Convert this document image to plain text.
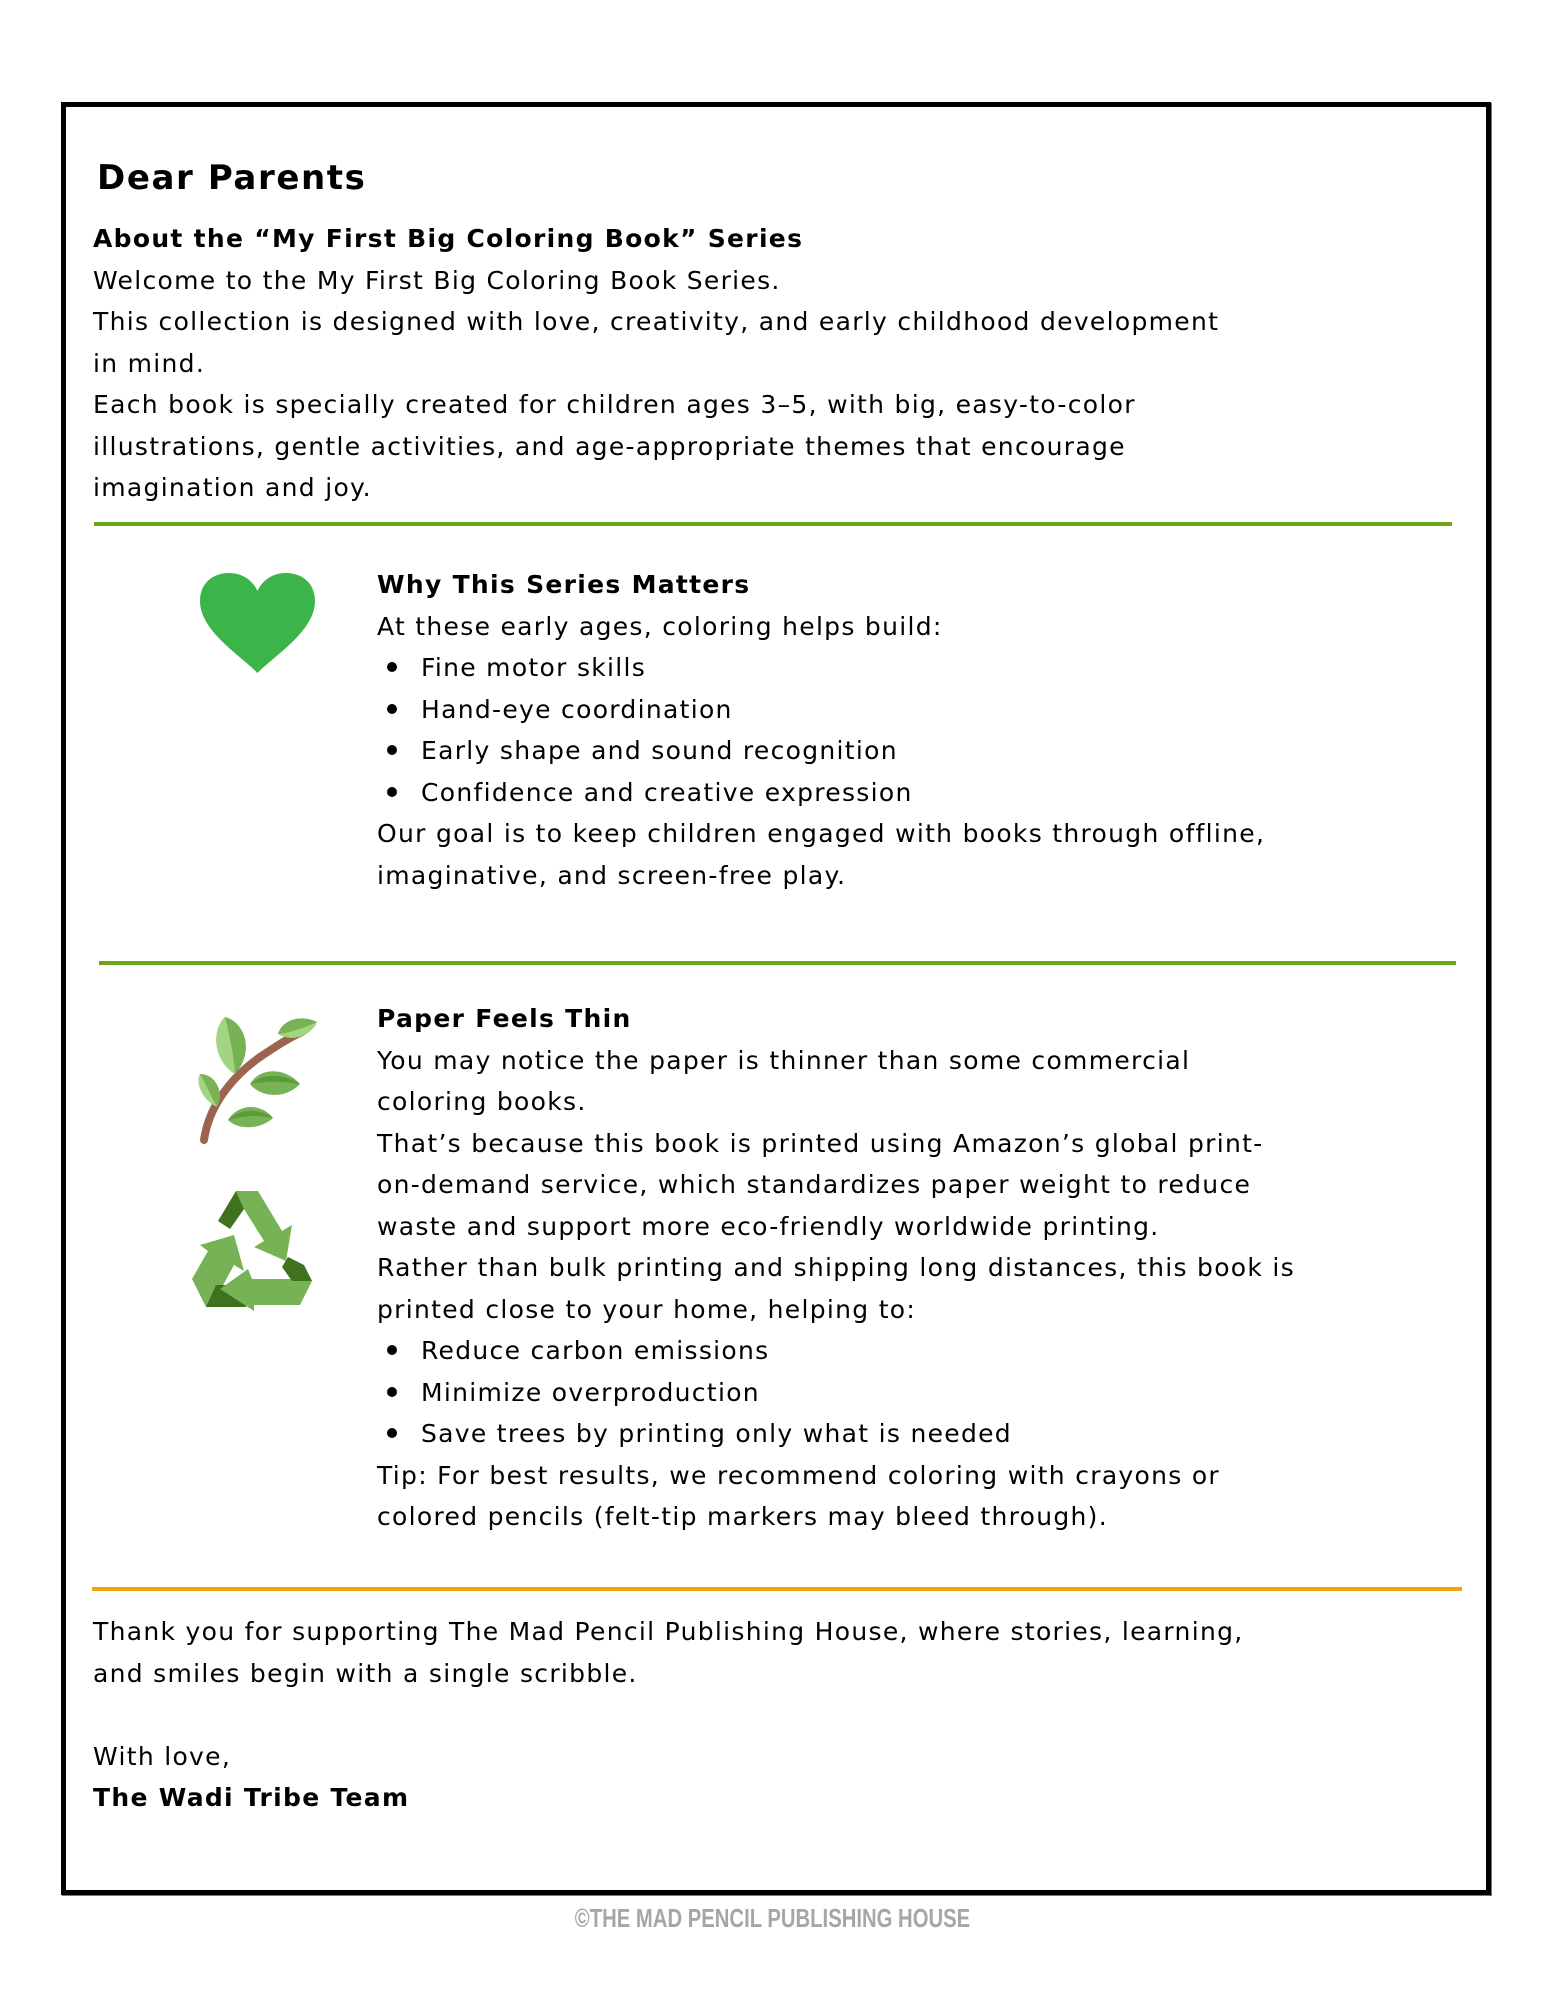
Dear Parents
About the “My First Big Coloring Book” Series
Welcome to the My First Big Coloring Book Series.
This collection is designed with love, creativity, and early childhood development
in mind.
Each book is specially created for children ages 3–5, with big, easy-to-color
illustrations, gentle activities, and age-appropriate themes that encourage
imagination and joy.
Why This Series Matters
At these early ages, coloring helps build:
Fine motor skills
Hand-eye coordination
Early shape and sound recognition
Confidence and creative expression
Our goal is to keep children engaged with books through offline,
imaginative, and screen-free play.
Paper Feels Thin
You may notice the paper is thinner than some commercial
coloring books.
That’s because this book is printed using Amazon’s global print-
on-demand service, which standardizes paper weight to reduce
waste and support more eco-friendly worldwide printing.
Rather than bulk printing and shipping long distances, this book is
printed close to your home, helping to:
Reduce carbon emissions
Minimize overproduction
Save trees by printing only what is needed
Tip: For best results, we recommend coloring with crayons or
colored pencils (felt-tip markers may bleed through).
Thank you for supporting The Mad Pencil Publishing House, where stories, learning,
and smiles begin with a single scribble.
With love,
The Wadi Tribe Team
©THE MAD PENCIL PUBLISHING HOUSE
